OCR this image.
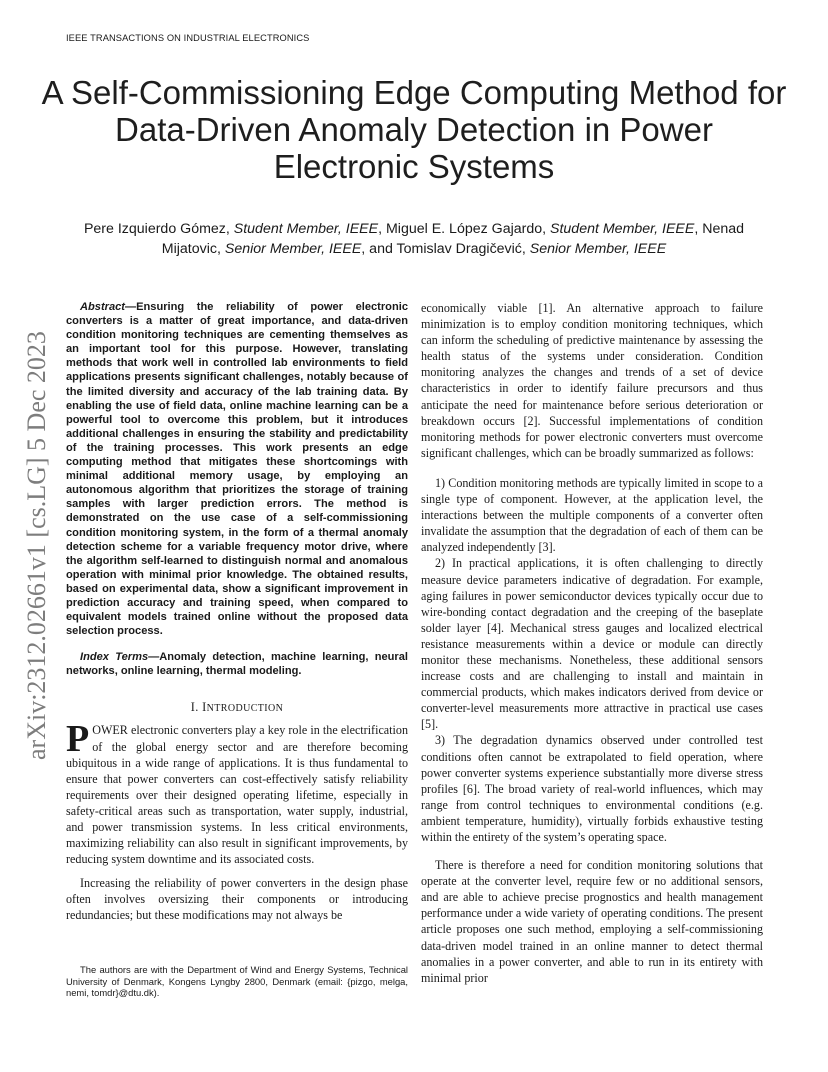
IEEE TRANSACTIONS ON INDUSTRIAL ELECTRONICS
arXiv:2312.02661v1 [cs.LG] 5 Dec 2023
A Self-Commissioning Edge Computing Method for Data-Driven Anomaly Detection in Power Electronic Systems
Pere Izquierdo Gómez, Student Member, IEEE, Miguel E. López Gajardo, Student Member, IEEE, Nenad Mijatovic, Senior Member, IEEE, and Tomislav Dragičević, Senior Member, IEEE

Abstract—Ensuring the reliability of power electronic converters is a matter of great importance, and data-driven condition monitoring techniques are cementing themselves as an important tool for this purpose. However, translating methods that work well in controlled lab environments to field applications presents significant challenges, notably because of the limited diversity and accuracy of the lab training data. By enabling the use of field data, online machine learning can be a powerful tool to overcome this problem, but it introduces additional challenges in ensuring the stability and predictability of the training processes. This work presents an edge computing method that mitigates these shortcomings with minimal additional memory usage, by employing an autonomous algorithm that prioritizes the storage of training samples with larger prediction errors. The method is demonstrated on the use case of a self-commissioning condition monitoring system, in the form of a thermal anomaly detection scheme for a variable frequency motor drive, where the algorithm self-learned to distinguish normal and anomalous operation with minimal prior knowledge. The obtained results, based on experimental data, show a significant improvement in prediction accuracy and training speed, when compared to equivalent models trained online without the proposed data selection process.

Index Terms—Anomaly detection, machine learning, neural networks, online learning, thermal modeling.

I. INTRODUCTION

POWER electronic converters play a key role in the electrification of the global energy sector and are therefore becoming ubiquitous in a wide range of applications. It is thus fundamental to ensure that power converters can cost-effectively satisfy reliability requirements over their designed operating lifetime, especially in safety-critical areas such as transportation, water supply, industrial, and power transmission systems. In less critical environments, maximizing reliability can also result in significant improvements, by reducing system downtime and its associated costs.

Increasing the reliability of power converters in the design phase often involves oversizing their components or introducing redundancies; but these modifications may not always be

economically viable [1]. An alternative approach to failure minimization is to employ condition monitoring techniques, which can inform the scheduling of predictive maintenance by assessing the health status of the systems under consideration. Condition monitoring analyzes the changes and trends of a set of device characteristics in order to identify failure precursors and thus anticipate the need for maintenance before serious deterioration or breakdown occurs [2]. Successful implementations of condition monitoring methods for power electronic converters must overcome significant challenges, which can be broadly summarized as follows:

1) Condition monitoring methods are typically limited in scope to a single type of component. However, at the application level, the interactions between the multiple components of a converter often invalidate the assumption that the degradation of each of them can be analyzed independently [3].

2) In practical applications, it is often challenging to directly measure device parameters indicative of degradation. For example, aging failures in power semiconductor devices typically occur due to wire-bonding contact degradation and the creeping of the baseplate solder layer [4]. Mechanical stress gauges and localized electrical resistance measurements within a device or module can directly monitor these mechanisms. Nonetheless, these additional sensors increase costs and are challenging to install and maintain in commercial products, which makes indicators derived from device or converter-level measurements more attractive in practical use cases [5].

3) The degradation dynamics observed under controlled test conditions often cannot be extrapolated to field operation, where power converter systems experience substantially more diverse stress profiles [6]. The broad variety of real-world influences, which may range from control techniques to environmental conditions (e.g. ambient temperature, humidity), virtually forbids exhaustive testing within the entirety of the system’s operating space.

There is therefore a need for condition monitoring solutions that operate at the converter level, require few or no additional sensors, and are able to achieve precise prognostics and health management performance under a wide variety of operating conditions. The present article proposes one such method, employing a self-commissioning data-driven model trained in an online manner to detect thermal anomalies in a power converter, and able to run in its entirety with minimal prior

The authors are with the Department of Wind and Energy Systems, Technical University of Denmark, Kongens Lyngby 2800, Denmark (email: {pizgo, melga, nemi, tomdr}@dtu.dk).
